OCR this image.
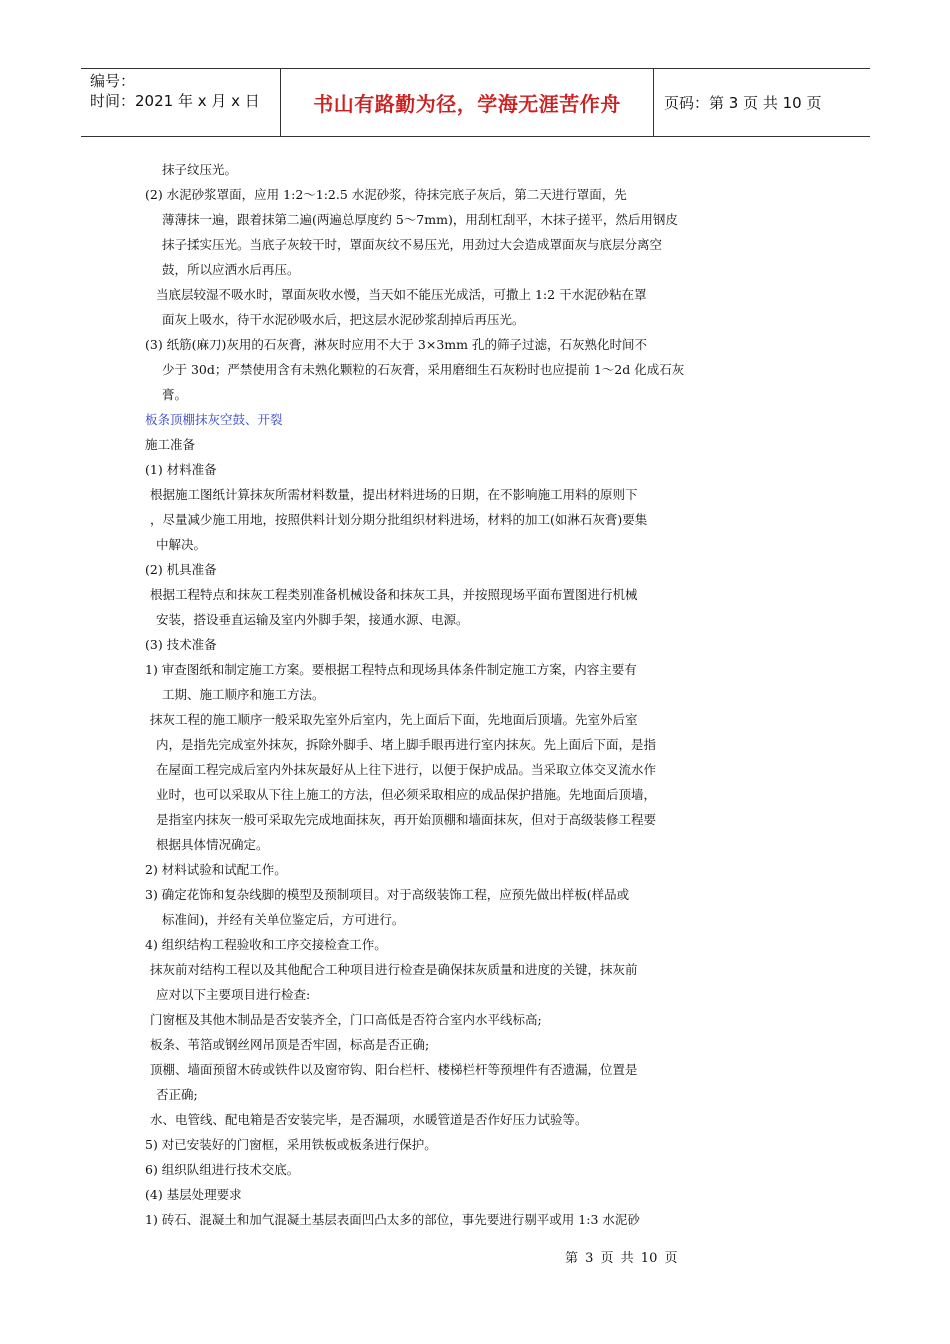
编号：
时间：2021 年 x 月 x 日	书山有路勤为径，学海无涯苦作舟	页码：第 3 页 共 10 页
抹子纹压光。
(2) 水泥砂浆罩面，应用 1:2～1:2.5 水泥砂浆，待抹完底子灰后，第二天进行罩面，先
薄薄抹一遍，跟着抹第二遍(两遍总厚度约 5～7mm)，用刮杠刮平，木抹子搓平，然后用钢皮
抹子揉实压光。当底子灰较干时，罩面灰纹不易压光，用劲过大会造成罩面灰与底层分离空
鼓，所以应洒水后再压。
当底层较湿不吸水时，罩面灰收水慢，当天如不能压光成活，可撒上 1:2 干水泥砂粘在罩
面灰上吸水，待干水泥砂吸水后，把这层水泥砂浆刮掉后再压光。
(3) 纸筋(麻刀)灰用的石灰膏，淋灰时应用不大于 3×3mm 孔的筛子过滤，石灰熟化时间不
少于 30d；严禁使用含有未熟化颗粒的石灰膏，采用磨细生石灰粉时也应提前 1～2d 化成石灰
膏。
板条顶棚抹灰空鼓、开裂
施工准备
(1) 材料准备
根据施工图纸计算抹灰所需材料数量，提出材料进场的日期，在不影响施工用料的原则下
，尽量减少施工用地，按照供料计划分期分批组织材料进场，材料的加工(如淋石灰膏)要集
中解决。
(2) 机具准备
根据工程特点和抹灰工程类别准备机械设备和抹灰工具，并按照现场平面布置图进行机械
安装，搭设垂直运输及室内外脚手架，接通水源、电源。
(3) 技术准备
1) 审查图纸和制定施工方案。要根据工程特点和现场具体条件制定施工方案，内容主要有
工期、施工顺序和施工方法。
抹灰工程的施工顺序一般采取先室外后室内，先上面后下面，先地面后顶墙。先室外后室
内，是指先完成室外抹灰，拆除外脚手、堵上脚手眼再进行室内抹灰。先上面后下面，是指
在屋面工程完成后室内外抹灰最好从上往下进行，以便于保护成品。当采取立体交叉流水作
业时，也可以采取从下往上施工的方法，但必须采取相应的成品保护措施。先地面后顶墙，
是指室内抹灰一般可采取先完成地面抹灰，再开始顶棚和墙面抹灰，但对于高级装修工程要
根据具体情况确定。
2) 材料试验和试配工作。
3) 确定花饰和复杂线脚的模型及预制项目。对于高级装饰工程，应预先做出样板(样品或
标准间)，并经有关单位鉴定后，方可进行。
4) 组织结构工程验收和工序交接检查工作。
抹灰前对结构工程以及其他配合工种项目进行检查是确保抹灰质量和进度的关键，抹灰前
应对以下主要项目进行检查:
门窗框及其他木制品是否安装齐全，门口高低是否符合室内水平线标高;
板条、苇箔或钢丝网吊顶是否牢固，标高是否正确;
顶棚、墙面预留木砖或铁件以及窗帘钩、阳台栏杆、楼梯栏杆等预埋件有否遗漏，位置是
否正确;
水、电管线、配电箱是否安装完毕，是否漏项，水暖管道是否作好压力试验等。
5) 对已安装好的门窗框，采用铁板或板条进行保护。
6) 组织队组进行技术交底。
(4) 基层处理要求
1) 砖石、混凝土和加气混凝土基层表面凹凸太多的部位，事先要进行剔平或用 1:3 水泥砂
第 3 页 共 10 页
